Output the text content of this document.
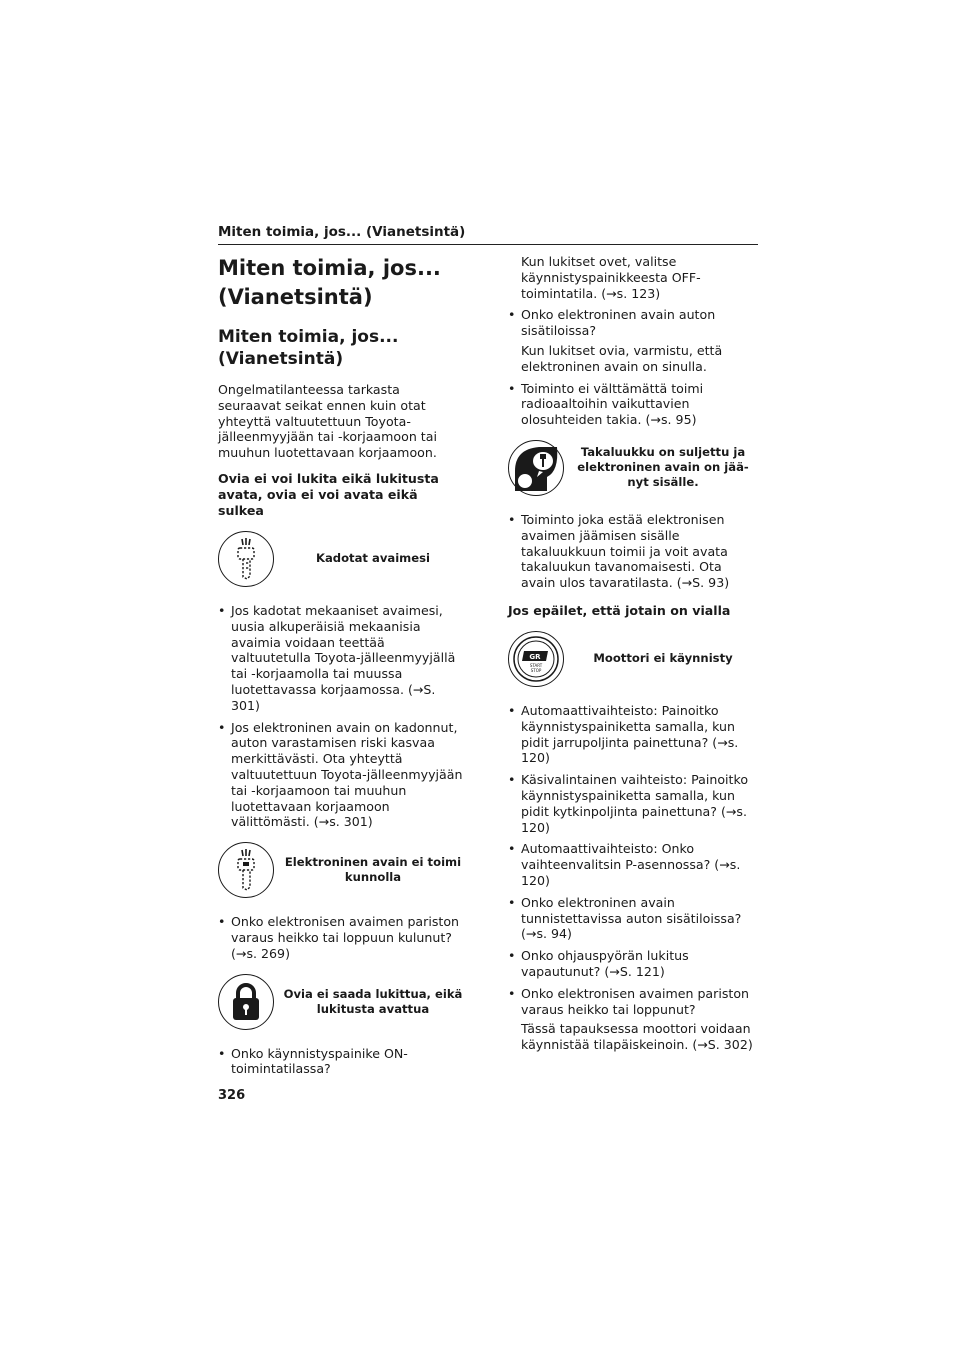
Miten toimia, jos... (Vianetsintä)
Miten toimia, jos...
(Vianetsintä)
Miten toimia, jos... (Vianetsintä)

Ongelmatilanteessa tarkasta seuraavat seikat ennen kuin otat yhteyttä valtuutettuun Toyota-jälleenmyyjään tai -korjaamoon tai muuhun luotettavaan korjaamoon.

Ovia ei voi lukita eikä lukitusta avata, ovia ei voi avata eikä sulkea

Kadotat avaimesi
• Jos kadotat mekaaniset avaimesi, uusia alkuperäisiä mekaanisia avaimia voidaan teettää valtuutetulla Toyota-jälleenmyyjällä tai -korjaamolla tai muussa luotettavassa korjaamossa. (→S. 301)
• Jos elektroninen avain on kadonnut, auton varastamisen riski kasvaa merkittävästi. Ota yhteyttä valtuutettuun Toyota-jälleenmyyjään tai -korjaamoon tai muuhun luotettavaan korjaamoon välittömästi. (→s. 301)
Elektroninen avain ei toimi kunnolla
• Onko elektronisen avaimen pariston varaus heikko tai loppuun kulunut? (→s. 269)
Ovia ei saada lukittua, eikä lukitusta avattua
• Onko käynnistyspainike ON-toimintatilassa?

Kun lukitset ovet, valitse käynnistyspainikkeesta OFF-toimintatila. (→s. 123)

• Onko elektroninen avain auton sisätiloissa?
Kun lukitset ovia, varmistu, että elektroninen avain on sinulla.
• Toiminto ei välttämättä toimi radioaaltoihin vaikuttavien olosuhteiden takia. (→s. 95)
Takaluukku on suljettu ja elektroninen avain on jää-nyt sisälle.
• Toiminto joka estää elektronisen avaimen jäämisen sisälle takaluukkuun toimii ja voit avata takaluukun tavanomaisesti. Ota avain ulos tavaratilasta. (→S. 93)

Jos epäilet, että jotain on vialla

GR
START
STOP
Moottori ei käynnisty
• Automaattivaihteisto: Painoitko käynnistyspainiketta samalla, kun pidit jarrupoljinta painettuna? (→s. 120)
• Käsivalintainen vaihteisto: Painoitko käynnistyspainiketta samalla, kun pidit kytkinpoljinta painettuna? (→s. 120)
• Automaattivaihteisto: Onko vaihteenvalitsin P-asennossa? (→s. 120)
• Onko elektroninen avain tunnistettavissa auton sisätiloissa? (→s. 94)
• Onko ohjauspyörän lukitus vapautunut? (→S. 121)
• Onko elektronisen avaimen pariston varaus heikko tai loppunut?
Tässä tapauksessa moottori voidaan käynnistää tilapäiskeinoin. (→S. 302)
326
